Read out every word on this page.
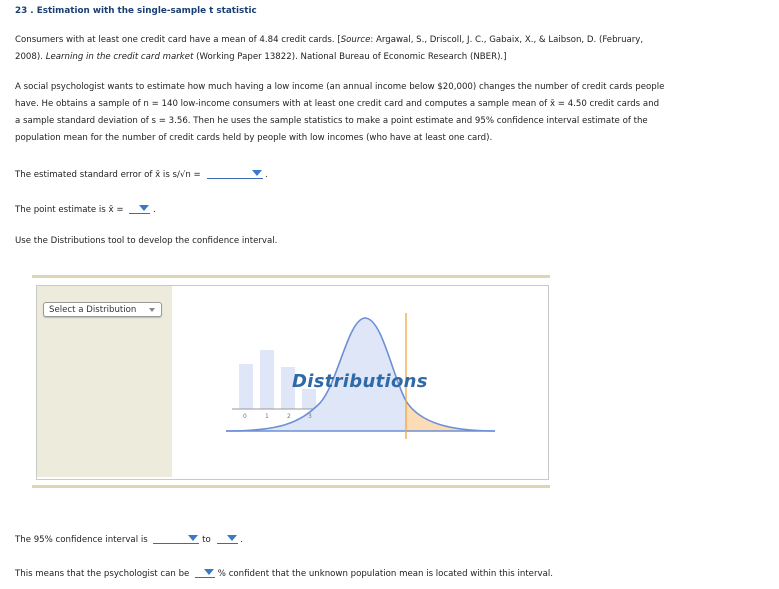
23 . Estimation with the single-sample t statistic
Consumers with at least one credit card have a mean of 4.84 credit cards. [Source: Argawal, S., Driscoll, J. C., Gabaix, X., & Laibson, D. (February,
2008). Learning in the credit card market (Working Paper 13822). National Bureau of Economic Research (NBER).]
A social psychologist wants to estimate how much having a low income (an annual income below $20,000) changes the number of credit cards people
have. He obtains a sample of n = 140 low-income consumers with at least one credit card and computes a sample mean of x̄ = 4.50 credit cards and
a sample standard deviation of s = 3.56. Then he uses the sample statistics to make a point estimate and 95% confidence interval estimate of the
population mean for the number of credit cards held by people with low incomes (who have at least one card).
The estimated standard error of x̄ is s/√n =	.
The point estimate is x̄ =	.
Use the Distributions tool to develop the confidence interval.
Select a Distribution
0	1	2	3
Distributions
The 95% confidence interval is	to	.
This means that the psychologist can be	% confident that the unknown population mean is located within this interval.
